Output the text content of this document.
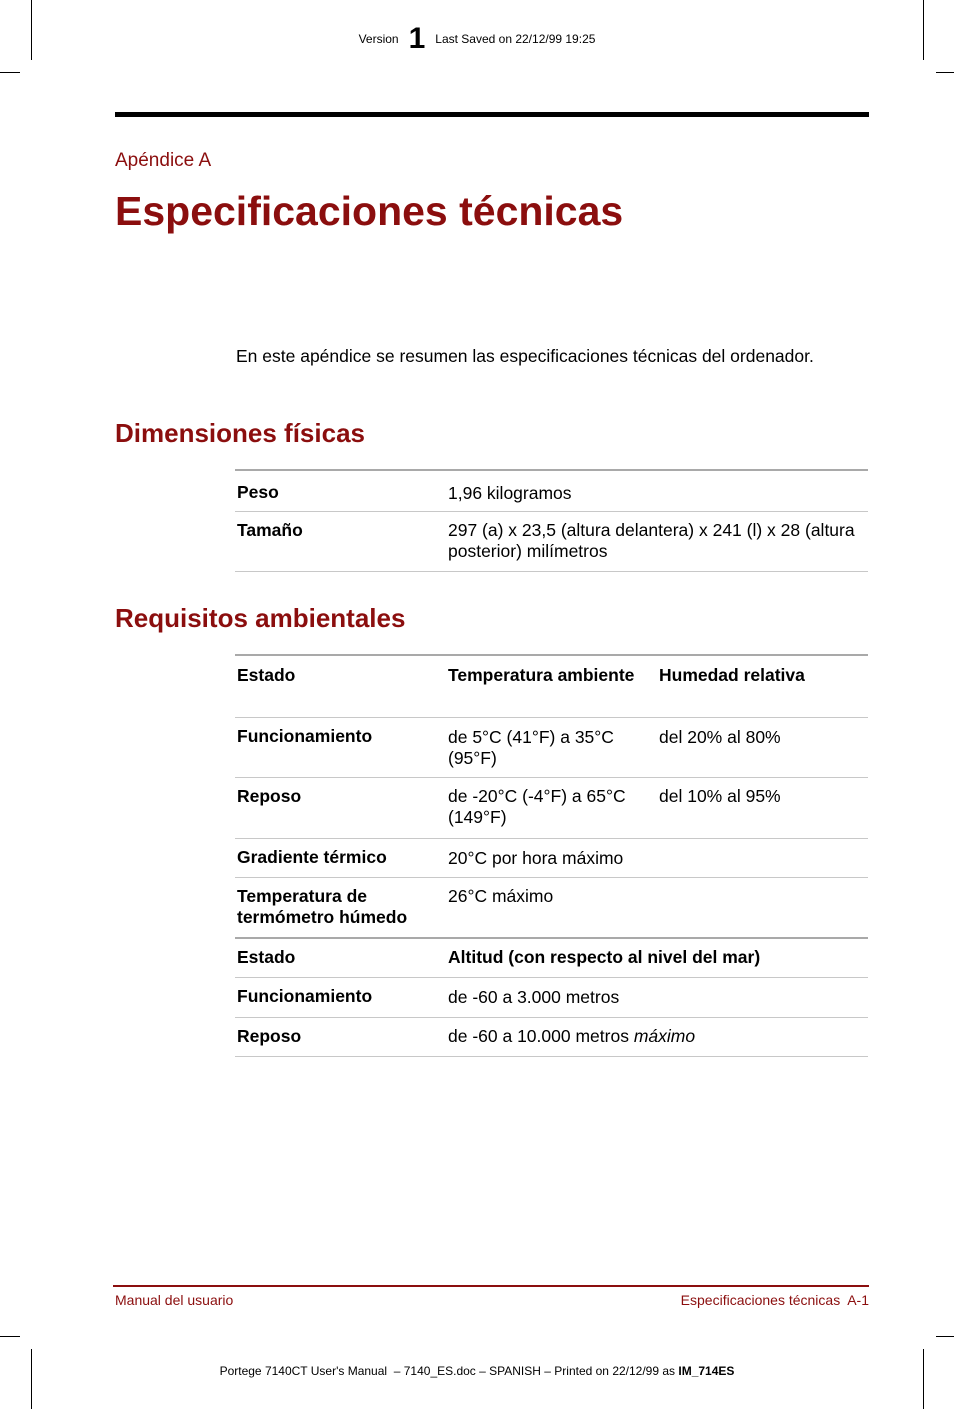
Version 1 Last Saved on 22/12/99 19:25
Apéndice A
Especificaciones técnicas
En este apéndice se resumen las especificaciones técnicas del ordenador.
Dimensiones físicas
Peso	1,96 kilogramos
Tamaño	297 (a) x 23,5 (altura delantera) x 241 (l) x 28 (altura posterior) milímetros
Requisitos ambientales
Estado	Temperatura ambiente	Humedad relativa
Funcionamiento	de 5°C (41°F) a 35°C (95°F)	del 20% al 80%
Reposo	de -20°C (-4°F) a 65°C (149°F)	del 10% al 95%
Gradiente térmico	20°C por hora máximo	
Temperatura de termómetro húmedo	26°C máximo	
Estado	Altitud (con respecto al nivel del mar)	
Funcionamiento	de -60 a 3.000 metros	
Reposo	de -60 a 10.000 metros máximo	
Manual del usuario	Especificaciones técnicas  A-1
Portege 7140CT User's Manual  – 7140_ES.doc – SPANISH – Printed on 22/12/99 as IM_714ES
